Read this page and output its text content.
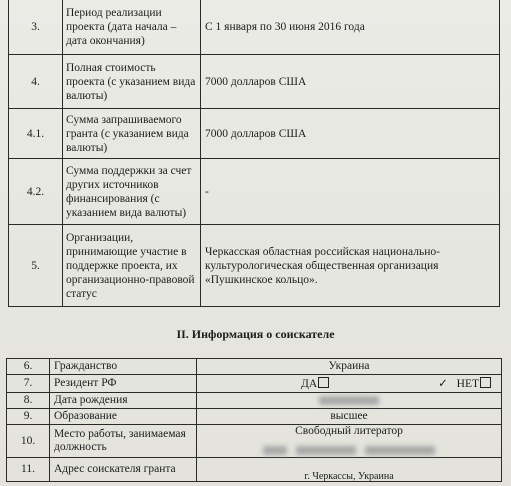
3.	Период реализации проекта (дата начала – дата окончания)	С 1 января по 30 июня 2016 года
4.	Полная стоимость проекта (с указанием вида валюты)	7000 долларов США
4.1.	Сумма запрашиваемого гранта (с указанием вида валюты)	7000 долларов США
4.2.	Сумма поддержки за счет других источников финансирования (с указанием вида валюты)	-
5.	Организации, принимающие участие в поддержке проекта, их организационно-правовой статус	Черкасская областная российская национально-культурологическая общественная организация «Пушкинское кольцо».
II. Информация о соискателе
6.	Гражданство	Украина
7.	Резидент РФ	ДА ✓ НЕТ

8.	Дата рождения	
9.	Образование	высшее
10.	Место работы, занимаемая должность	Свободный литератор

11.	Адрес соискателя гранта	г. Черкассы, Украина
